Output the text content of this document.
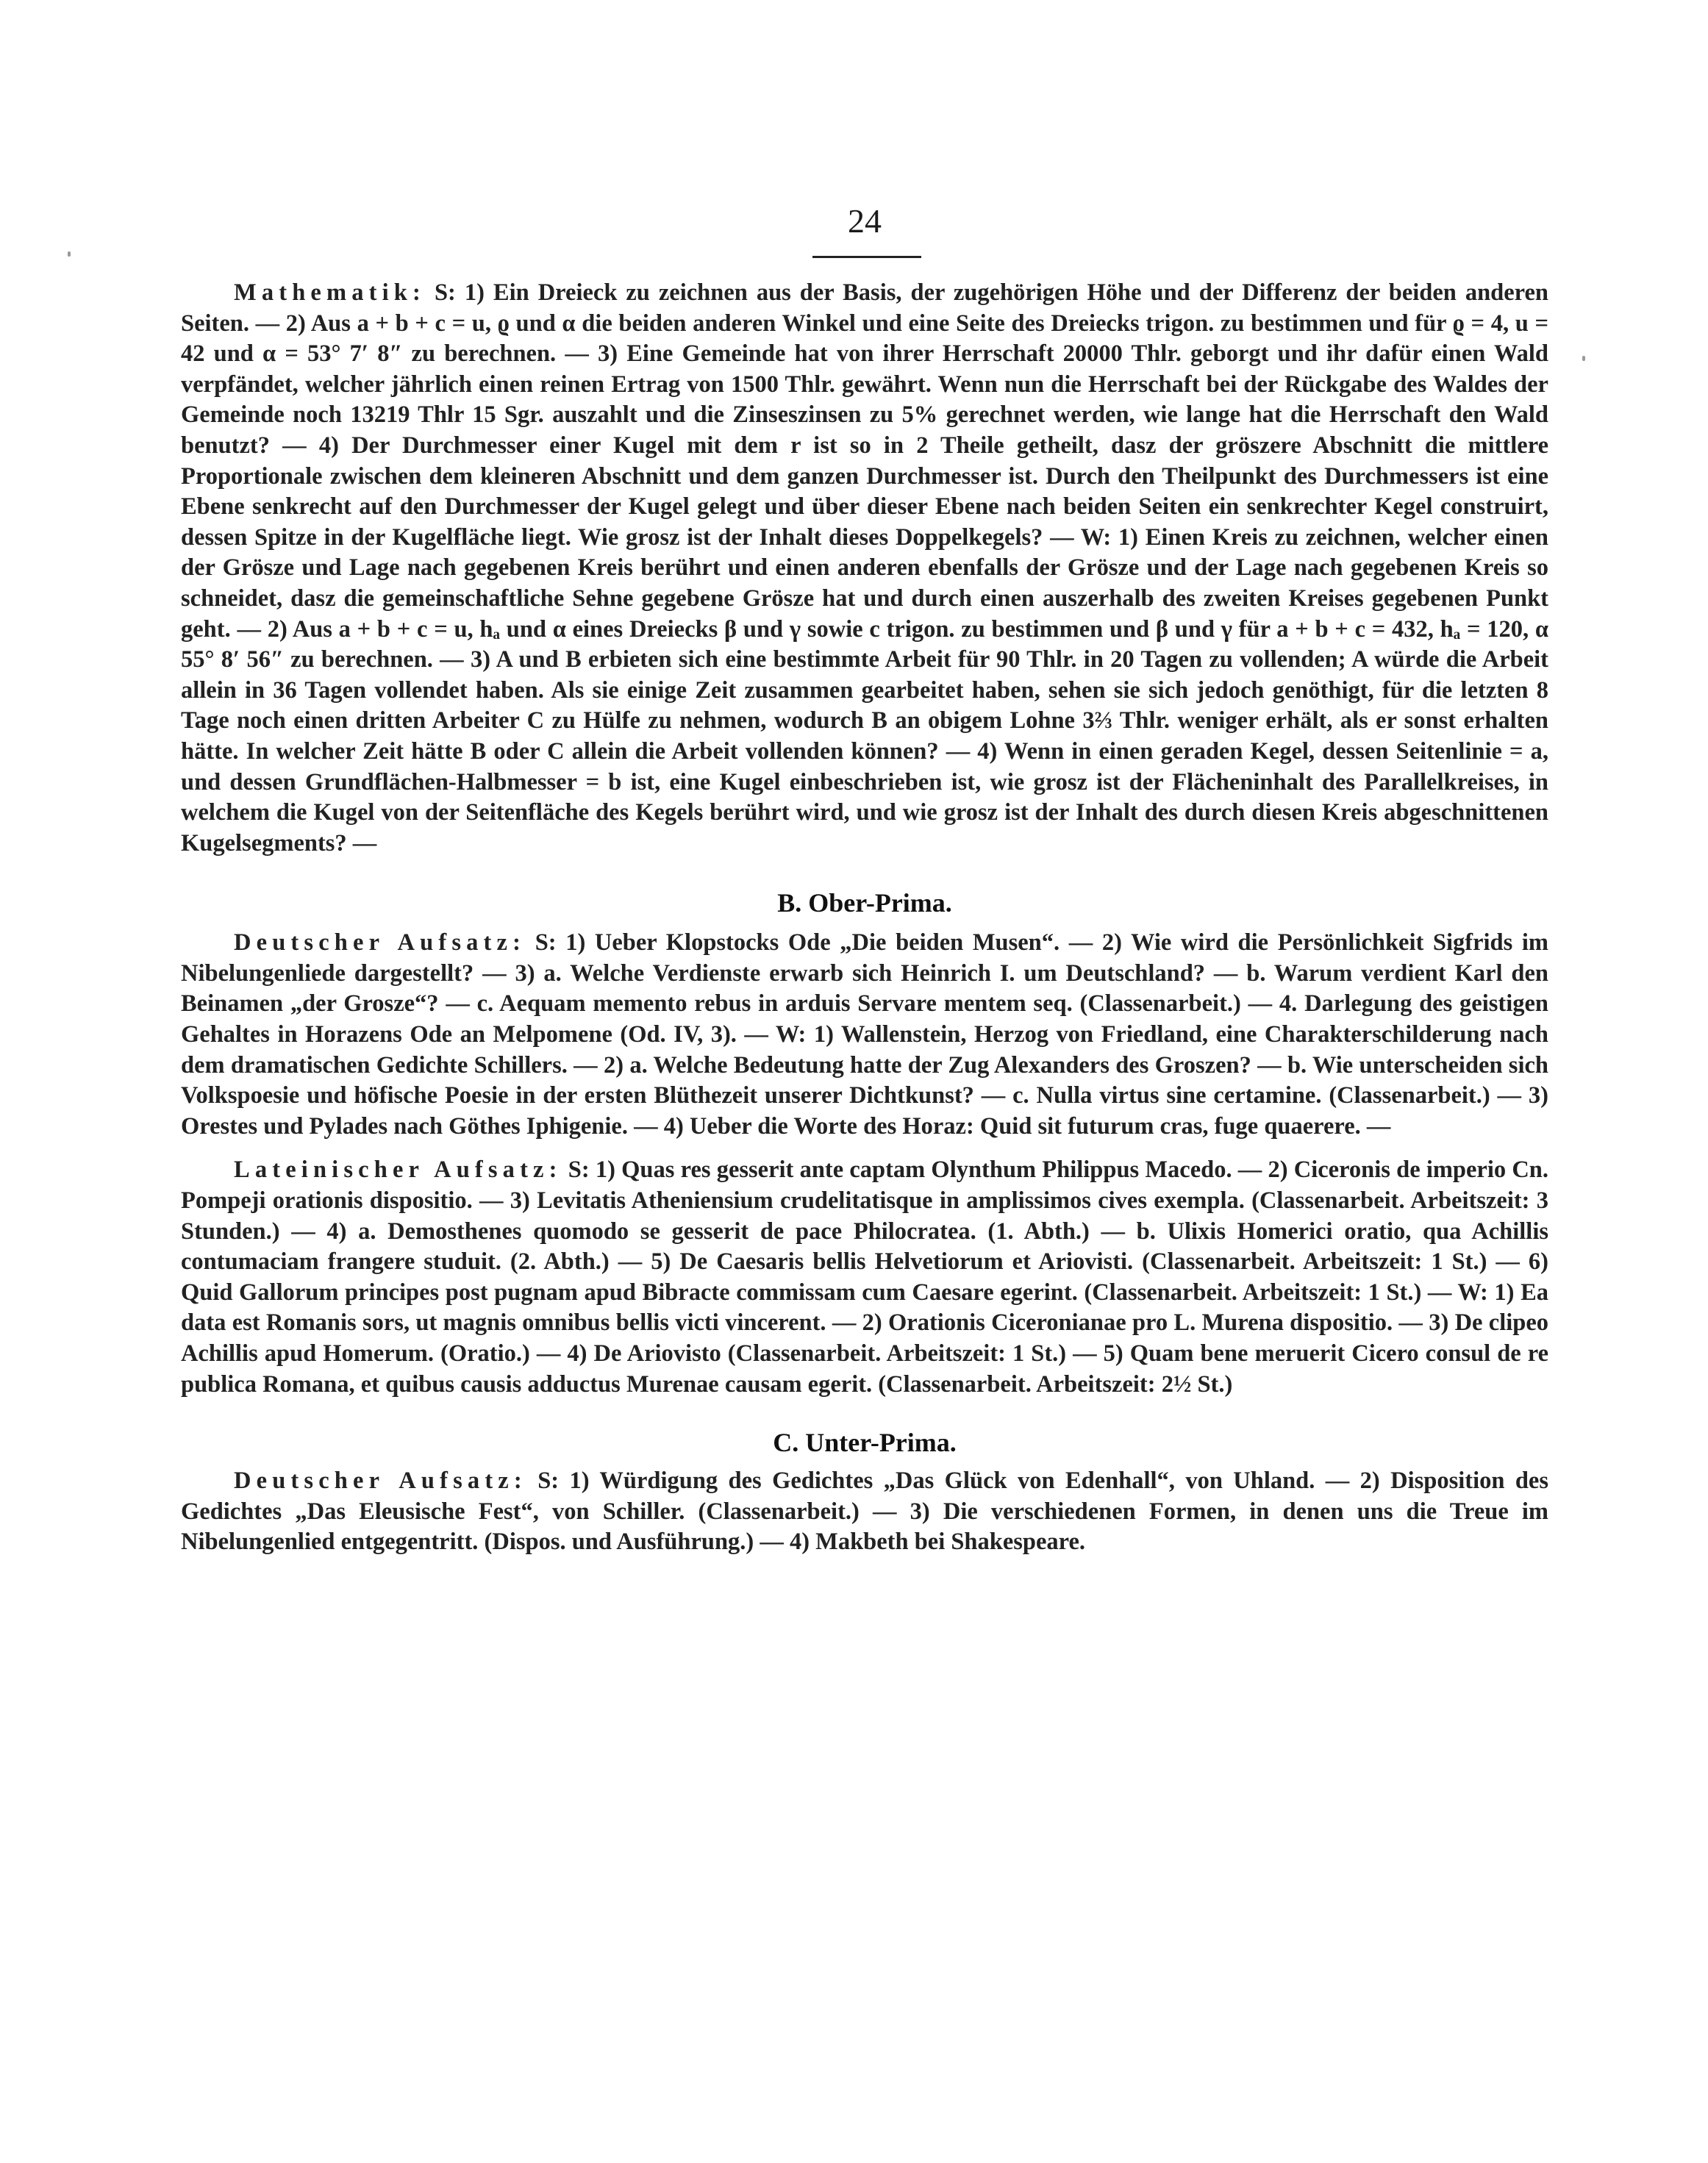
24

Mathematik: S: 1) Ein Dreieck zu zeichnen aus der Basis, der zugehörigen Höhe und der Differenz der beiden anderen Seiten. — 2) Aus a + b + c = u, ϱ und α die beiden anderen Winkel und eine Seite des Dreiecks trigon. zu bestimmen und für ϱ = 4, u = 42 und α = 53° 7′ 8″ zu berechnen. — 3) Eine Gemeinde hat von ihrer Herrschaft 20000 Thlr. geborgt und ihr dafür einen Wald verpfändet, welcher jährlich einen reinen Ertrag von 1500 Thlr. gewährt. Wenn nun die Herrschaft bei der Rückgabe des Waldes der Gemeinde noch 13219 Thlr 15 Sgr. auszahlt und die Zinseszinsen zu 5% gerechnet werden, wie lange hat die Herrschaft den Wald benutzt? — 4) Der Durchmesser einer Kugel mit dem r ist so in 2 Theile getheilt, dasz der gröszere Abschnitt die mittlere Proportionale zwischen dem kleineren Abschnitt und dem ganzen Durchmesser ist. Durch den Theilpunkt des Durchmessers ist eine Ebene senkrecht auf den Durchmesser der Kugel gelegt und über dieser Ebene nach beiden Seiten ein senkrechter Kegel construirt, dessen Spitze in der Kugelfläche liegt. Wie grosz ist der Inhalt dieses Doppelkegels? — W: 1) Einen Kreis zu zeichnen, welcher einen der Grösze und Lage nach gegebenen Kreis berührt und einen anderen ebenfalls der Grösze und der Lage nach gegebenen Kreis so schneidet, dasz die gemeinschaftliche Sehne gegebene Grösze hat und durch einen auszerhalb des zweiten Kreises gegebenen Punkt geht. — 2) Aus a + b + c = u, hₐ und α eines Dreiecks β und γ sowie c trigon. zu bestimmen und β und γ für a + b + c = 432, hₐ = 120, α 55° 8′ 56″ zu berechnen. — 3) A und B erbieten sich eine bestimmte Arbeit für 90 Thlr. in 20 Tagen zu vollenden; A würde die Arbeit allein in 36 Tagen vollendet haben. Als sie einige Zeit zusammen gearbeitet haben, sehen sie sich jedoch genöthigt, für die letzten 8 Tage noch einen dritten Arbeiter C zu Hülfe zu nehmen, wodurch B an obigem Lohne 3⅔ Thlr. weniger erhält, als er sonst erhalten hätte. In welcher Zeit hätte B oder C allein die Arbeit vollenden können? — 4) Wenn in einen geraden Kegel, dessen Seitenlinie = a, und dessen Grundflächen-Halbmesser = b ist, eine Kugel einbeschrieben ist, wie grosz ist der Flächeninhalt des Parallelkreises, in welchem die Kugel von der Seitenfläche des Kegels berührt wird, und wie grosz ist der Inhalt des durch diesen Kreis abgeschnittenen Kugelsegments? —

B. Ober-Prima.

Deutscher Aufsatz: S: 1) Ueber Klopstocks Ode „Die beiden Musen“. — 2) Wie wird die Persönlichkeit Sigfrids im Nibelungenliede dargestellt? — 3) a. Welche Verdienste erwarb sich Heinrich I. um Deutschland? — b. Warum verdient Karl den Beinamen „der Grosze“? — c. Aequam memento rebus in arduis Servare mentem seq. (Classenarbeit.) — 4. Darlegung des geistigen Gehaltes in Horazens Ode an Melpomene (Od. IV, 3). — W: 1) Wallenstein, Herzog von Friedland, eine Charakterschilderung nach dem dramatischen Gedichte Schillers. — 2) a. Welche Bedeutung hatte der Zug Alexanders des Groszen? — b. Wie unterscheiden sich Volkspoesie und höfische Poesie in der ersten Blüthezeit unserer Dichtkunst? — c. Nulla virtus sine certamine. (Classenarbeit.) — 3) Orestes und Pylades nach Göthes Iphigenie. — 4) Ueber die Worte des Horaz: Quid sit futurum cras, fuge quaerere. —

Lateinischer Aufsatz: S: 1) Quas res gesserit ante captam Olynthum Philippus Macedo. — 2) Ciceronis de imperio Cn. Pompeji orationis dispositio. — 3) Levitatis Atheniensium crudelitatisque in amplissimos cives exempla. (Classenarbeit. Arbeitszeit: 3 Stunden.) — 4) a. Demosthenes quomodo se gesserit de pace Philocratea. (1. Abth.) — b. Ulixis Homerici oratio, qua Achillis contumaciam frangere studuit. (2. Abth.) — 5) De Caesaris bellis Helvetiorum et Ariovisti. (Classenarbeit. Arbeitszeit: 1 St.) — 6) Quid Gallorum principes post pugnam apud Bibracte commissam cum Caesare egerint. (Classenarbeit. Arbeitszeit: 1 St.) — W: 1) Ea data est Romanis sors, ut magnis omnibus bellis victi vincerent. — 2) Orationis Ciceronianae pro L. Murena dispositio. — 3) De clipeo Achillis apud Homerum. (Oratio.) — 4) De Ariovisto (Classenarbeit. Arbeitszeit: 1 St.) — 5) Quam bene meruerit Cicero consul de re publica Romana, et quibus causis adductus Murenae causam egerit. (Classenarbeit. Arbeitszeit: 2½ St.)

C. Unter-Prima.

Deutscher Aufsatz: S: 1) Würdigung des Gedichtes „Das Glück von Edenhall“, von Uhland. — 2) Disposition des Gedichtes „Das Eleusische Fest“, von Schiller. (Classenarbeit.) — 3) Die verschiedenen Formen, in denen uns die Treue im Nibelungenlied entgegentritt. (Dispos. und Ausführung.) — 4) Makbeth bei Shakespeare.
